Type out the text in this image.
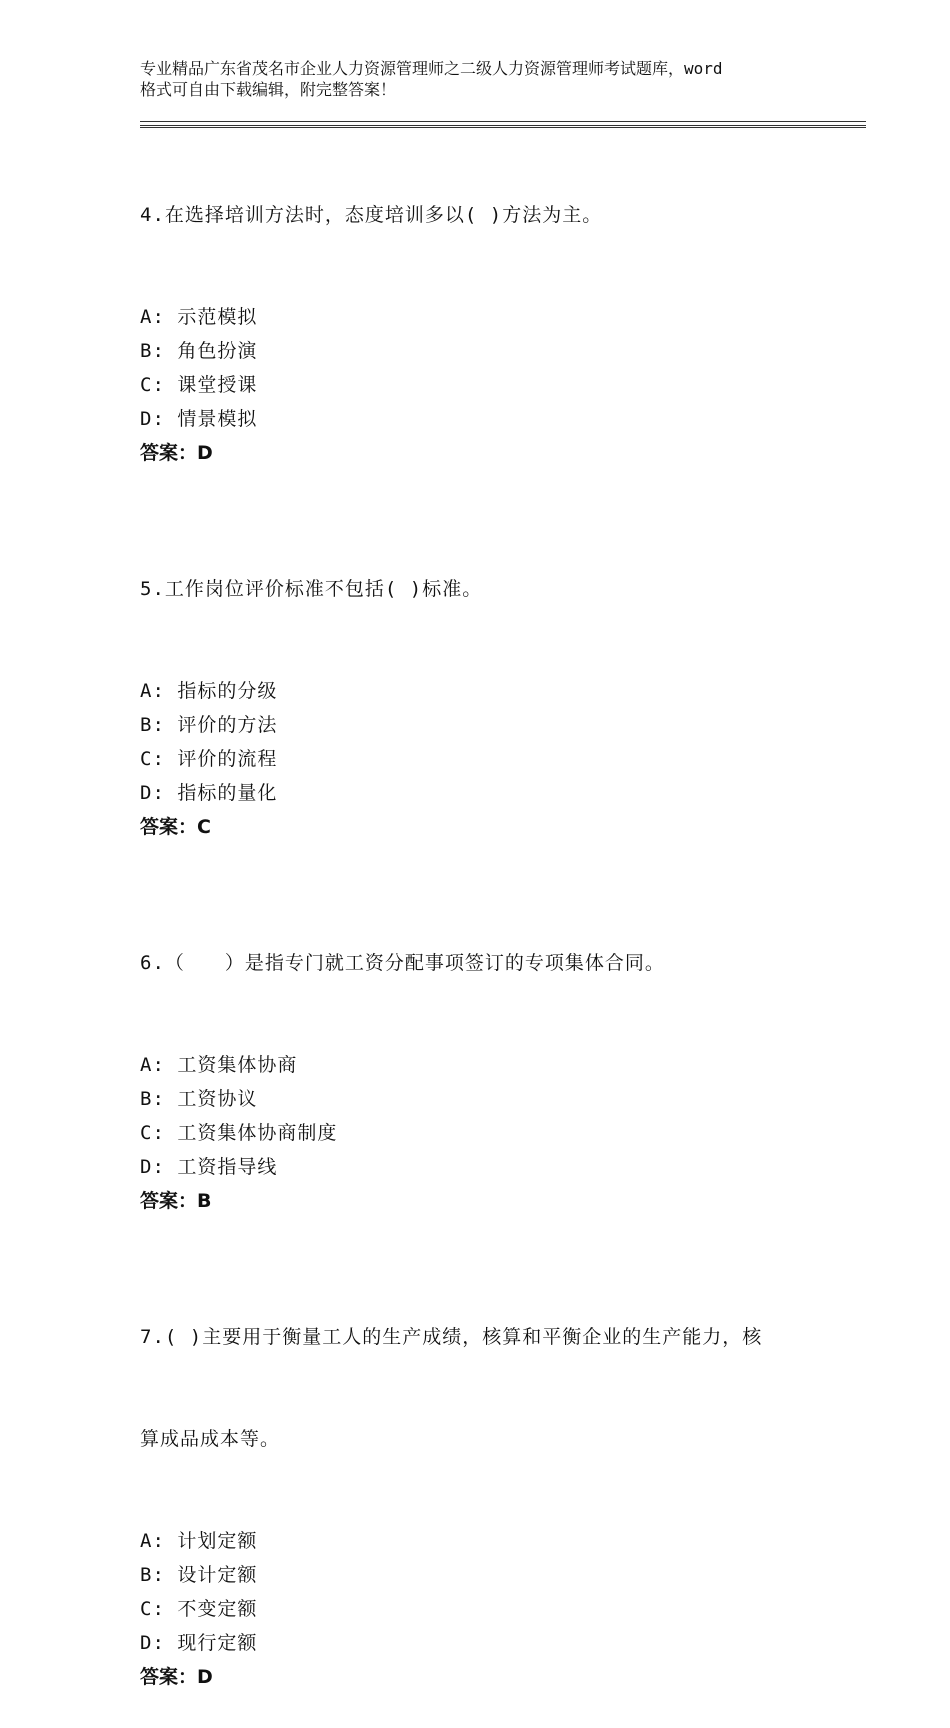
专业精品广东省茂名市企业人力资源管理师之二级人力资源管理师考试题库，word
格式可自由下载编辑，附完整答案！

4.在选择培训方法时，态度培训多以( )方法为主。

A: 示范模拟
B: 角色扮演
C: 课堂授课
D: 情景模拟
答案：D

5.工作岗位评价标准不包括( )标准。

A: 指标的分级
B: 评价的方法
C: 评价的流程
D: 指标的量化
答案：C

6.（　　）是指专门就工资分配事项签订的专项集体合同。

A: 工资集体协商
B: 工资协议
C: 工资集体协商制度
D: 工资指导线
答案：B

7.( )主要用于衡量工人的生产成绩，核算和平衡企业的生产能力，核

算成品成本等。

A: 计划定额
B: 设计定额
C: 不变定额
D: 现行定额
答案：D
